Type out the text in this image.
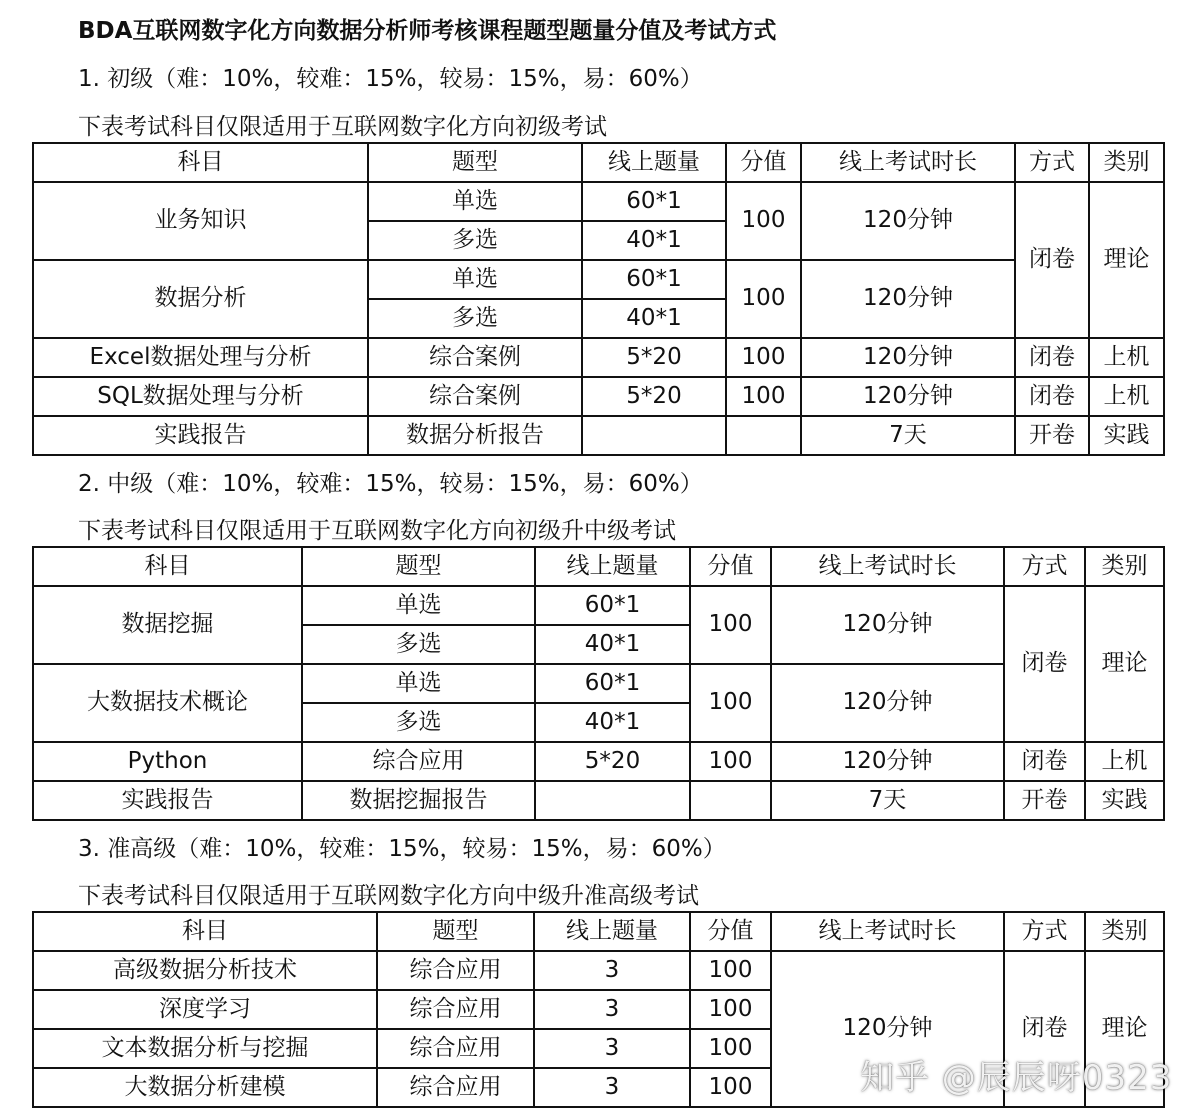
BDA互联网数字化方向数据分析师考核课程题型题量分值及考试方式
1. 初级（难：10%，较难：15%，较易：15%，易：60%）
下表考试科目仅限适用于互联网数字化方向初级考试
科目	题型	线上题量	分值	线上考试时长	方式	类别
业务知识	单选	60*1	100	120分钟	闭卷	理论
	多选	40*1				
数据分析	单选	60*1	100	120分钟		
	多选	40*1				
Excel数据处理与分析	综合案例	5*20	100	120分钟	闭卷	上机
SQL数据处理与分析	综合案例	5*20	100	120分钟	闭卷	上机
实践报告	数据分析报告			7天	开卷	实践
2. 中级（难：10%，较难：15%，较易：15%，易：60%）
下表考试科目仅限适用于互联网数字化方向初级升中级考试
科目	题型	线上题量	分值	线上考试时长	方式	类别
数据挖掘	单选	60*1	100	120分钟	闭卷	理论
	多选	40*1				
大数据技术概论	单选	60*1	100	120分钟		
	多选	40*1				
Python	综合应用	5*20	100	120分钟	闭卷	上机
实践报告	数据挖掘报告			7天	开卷	实践
3. 准高级（难：10%，较难：15%，较易：15%，易：60%）
下表考试科目仅限适用于互联网数字化方向中级升准高级考试
科目	题型	线上题量	分值	线上考试时长	方式	类别
高级数据分析技术	综合应用	3	100	120分钟	闭卷	理论
深度学习	综合应用	3	100			
文本数据分析与挖掘	综合应用	3	100			
大数据分析建模	综合应用	3	100				知乎 @辰辰呀0323
